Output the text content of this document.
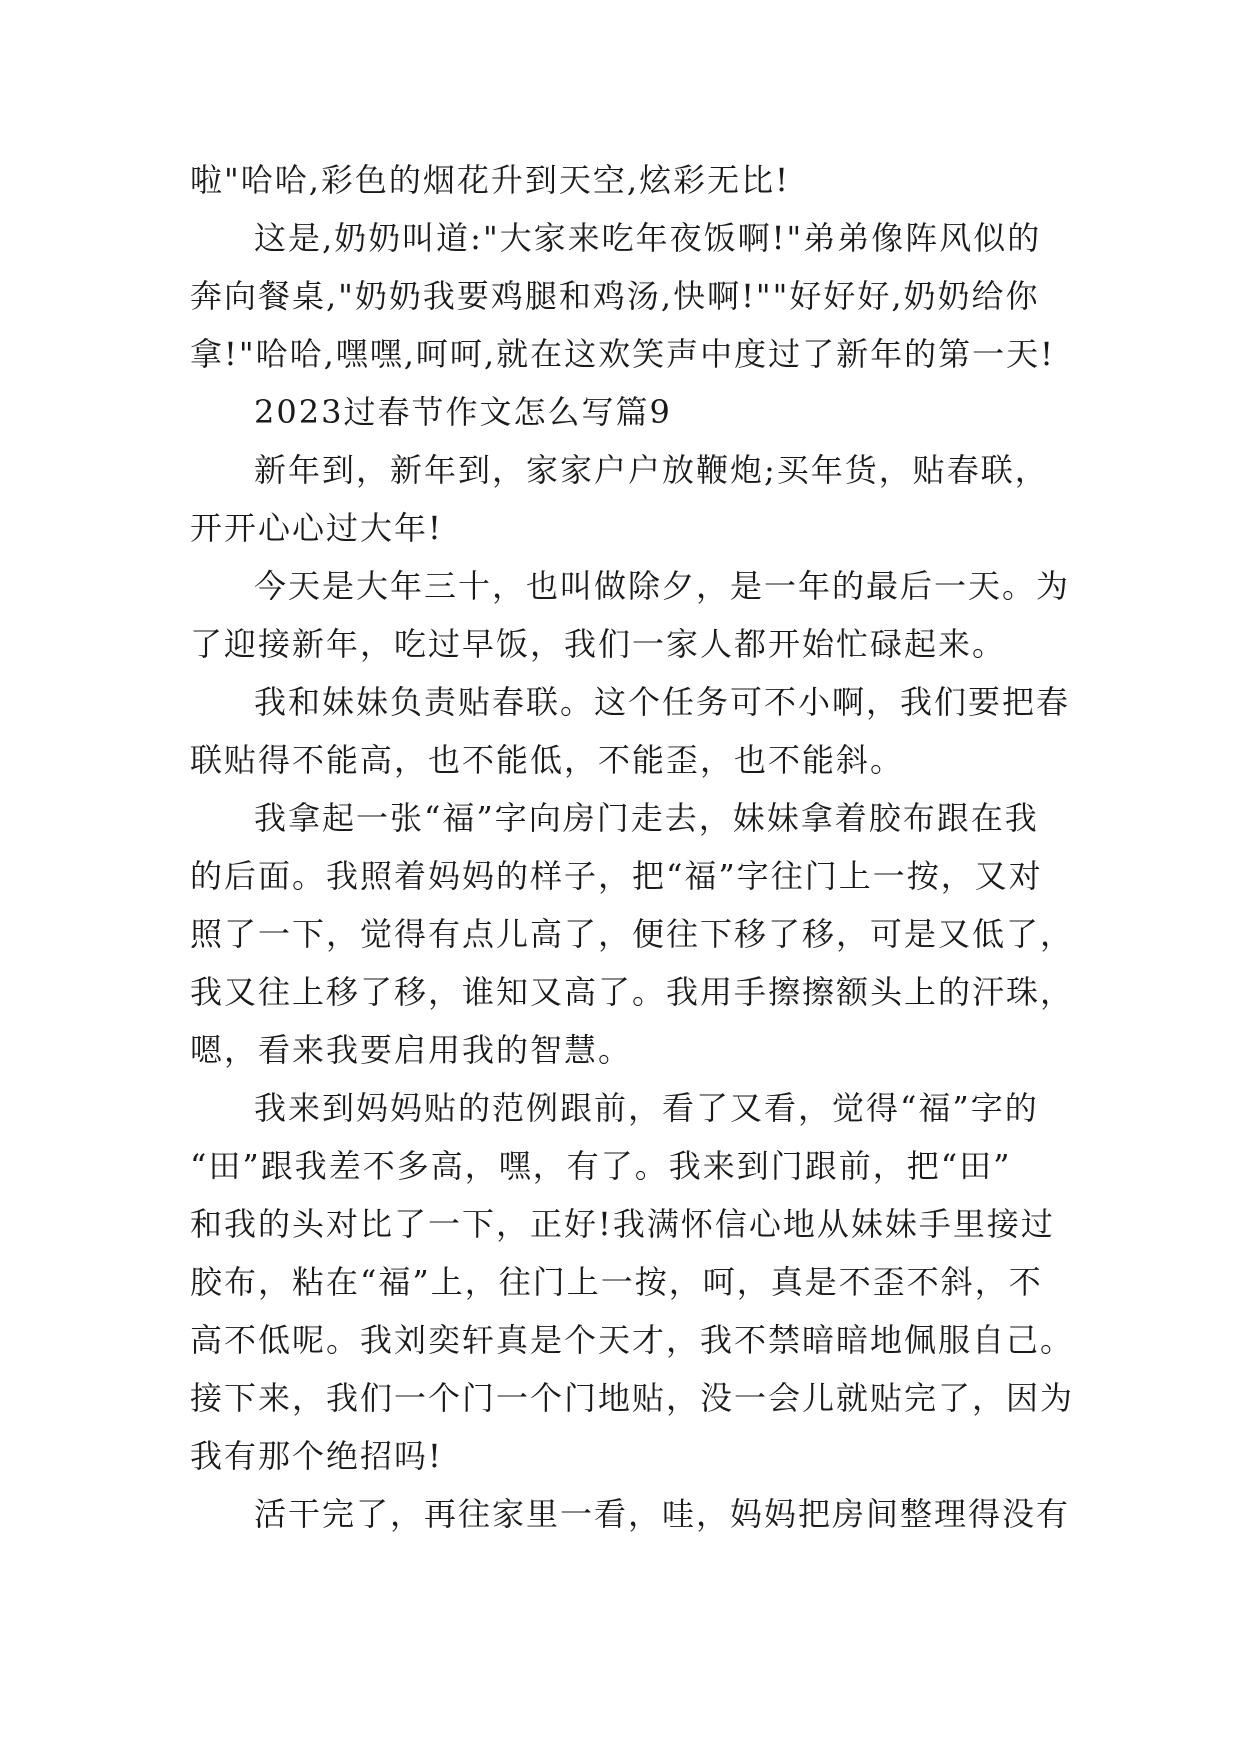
啦"哈哈,彩色的烟花升到天空,炫彩无比!
这是,奶奶叫道:"大家来吃年夜饭啊!"弟弟像阵风似的
奔向餐桌,"奶奶我要鸡腿和鸡汤,快啊!""好好好,奶奶给你
拿!"哈哈,嘿嘿,呵呵,就在这欢笑声中度过了新年的第一天!
2023过春节作文怎么写篇9
新年到，新年到，家家户户放鞭炮;买年货，贴春联，
开开心心过大年!
今天是大年三十，也叫做除夕，是一年的最后一天。为
了迎接新年，吃过早饭，我们一家人都开始忙碌起来。
我和妹妹负责贴春联。这个任务可不小啊，我们要把春
联贴得不能高，也不能低，不能歪，也不能斜。
我拿起一张“福”字向房门走去，妹妹拿着胶布跟在我
的后面。我照着妈妈的样子，把“福”字往门上一按，又对
照了一下，觉得有点儿高了，便往下移了移，可是又低了，
我又往上移了移，谁知又高了。我用手擦擦额头上的汗珠，
嗯，看来我要启用我的智慧。
我来到妈妈贴的范例跟前，看了又看，觉得“福”字的
“田”跟我差不多高，嘿，有了。我来到门跟前，把“田”
和我的头对比了一下，正好!我满怀信心地从妹妹手里接过
胶布，粘在“福”上，往门上一按，呵，真是不歪不斜，不
高不低呢。我刘奕轩真是个天才，我不禁暗暗地佩服自己。
接下来，我们一个门一个门地贴，没一会儿就贴完了，因为
我有那个绝招吗!
活干完了，再往家里一看，哇，妈妈把房间整理得没有
